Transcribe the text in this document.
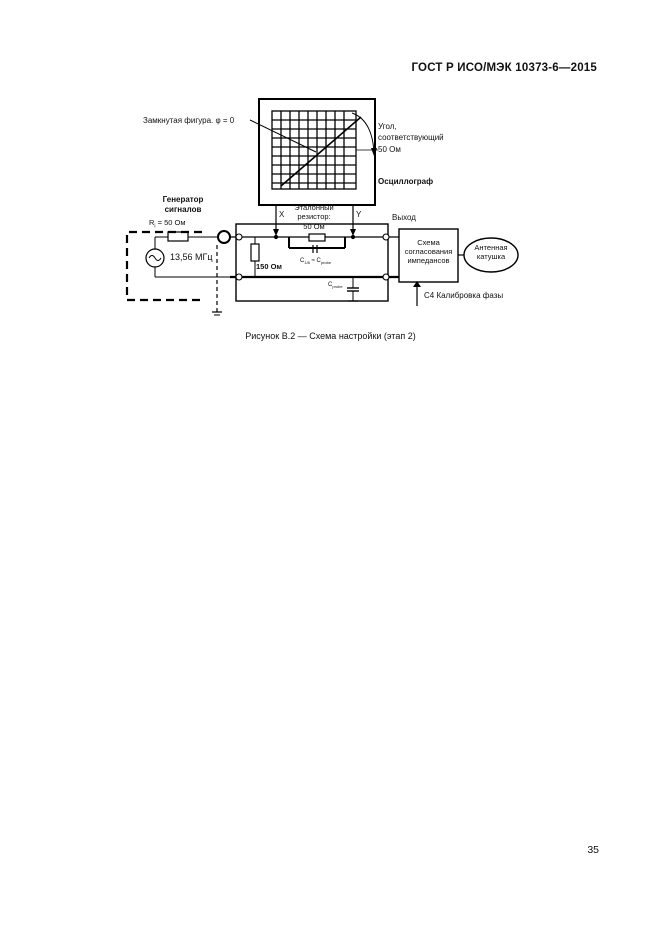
ГОСТ Р ИСО/МЭК 10373-6—2015
Замкнутая фигура. φ = 0
Угол,
соответствующий
50 Ом
Осциллограф
Генератор
сигналов
$R_i = 50$ Ом
13,56 МГц
X	Y
Эталонный
резистор:
50 Ом
Выход
Схема
согласования
импедансов
Антенная
катушка
150 Ом
$C_{1/8} \approx C_{probe}$
$C_{probe}$
C4 Калибровка фазы
Рисунок В.2 — Схема настройки (этап 2)
35
